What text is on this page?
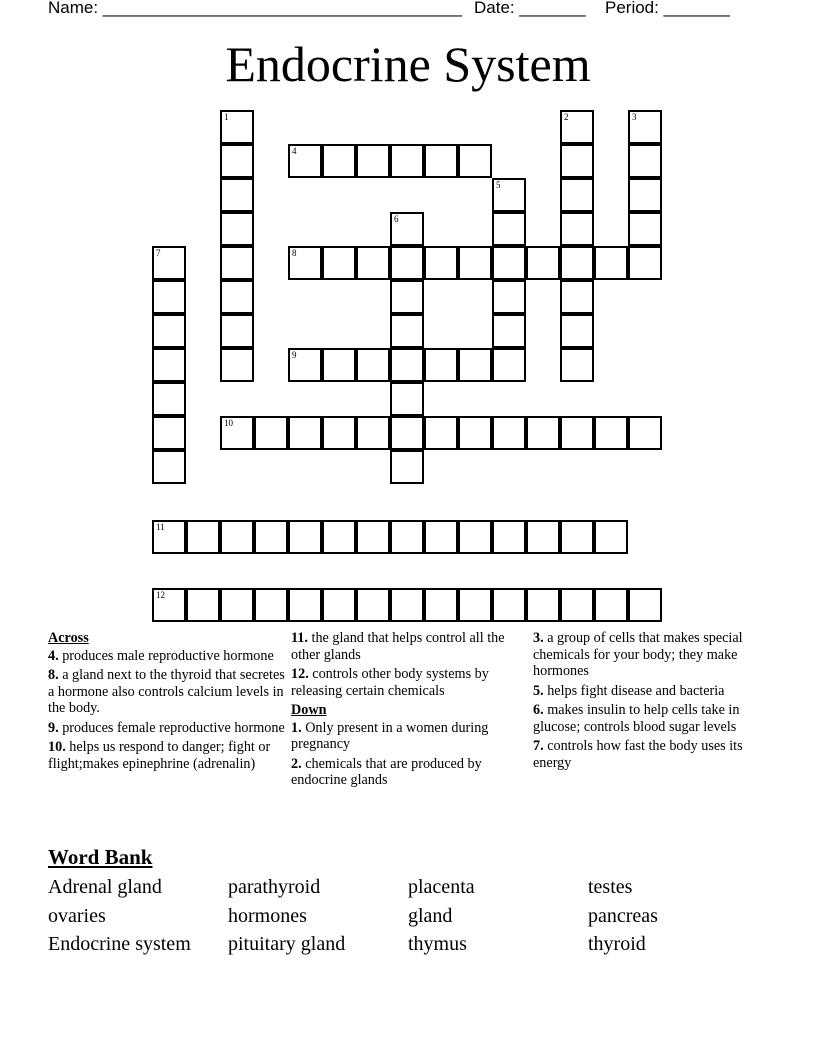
Name: ______________________________________ Date: _______ Period: _______
Endocrine System
1	2	3
4
5
6
7	8
9
10
11
12
Across
4. produces male reproductive hormone
8. a gland next to the thyroid that secretes a hormone also controls calcium levels in the body.
9. produces female reproductive hormone
10. helps us respond to danger; fight or flight;makes epinephrine (adrenalin)
11. the gland that helps control all the other glands
12. controls other body systems by releasing certain chemicals
Down
1. Only present in a women during pregnancy
2. chemicals that are produced by endocrine glands
3. a group of cells that makes special chemicals for your body; they make hormones
5. helps fight disease and bacteria
6. makes insulin to help cells take in glucose; controls blood sugar levels
7. controls how fast the body uses its energy
Word Bank
Adrenal gland	parathyroid	placenta	testes
ovaries	hormones	gland	pancreas
Endocrine system	pituitary gland	thymus	thyroid
